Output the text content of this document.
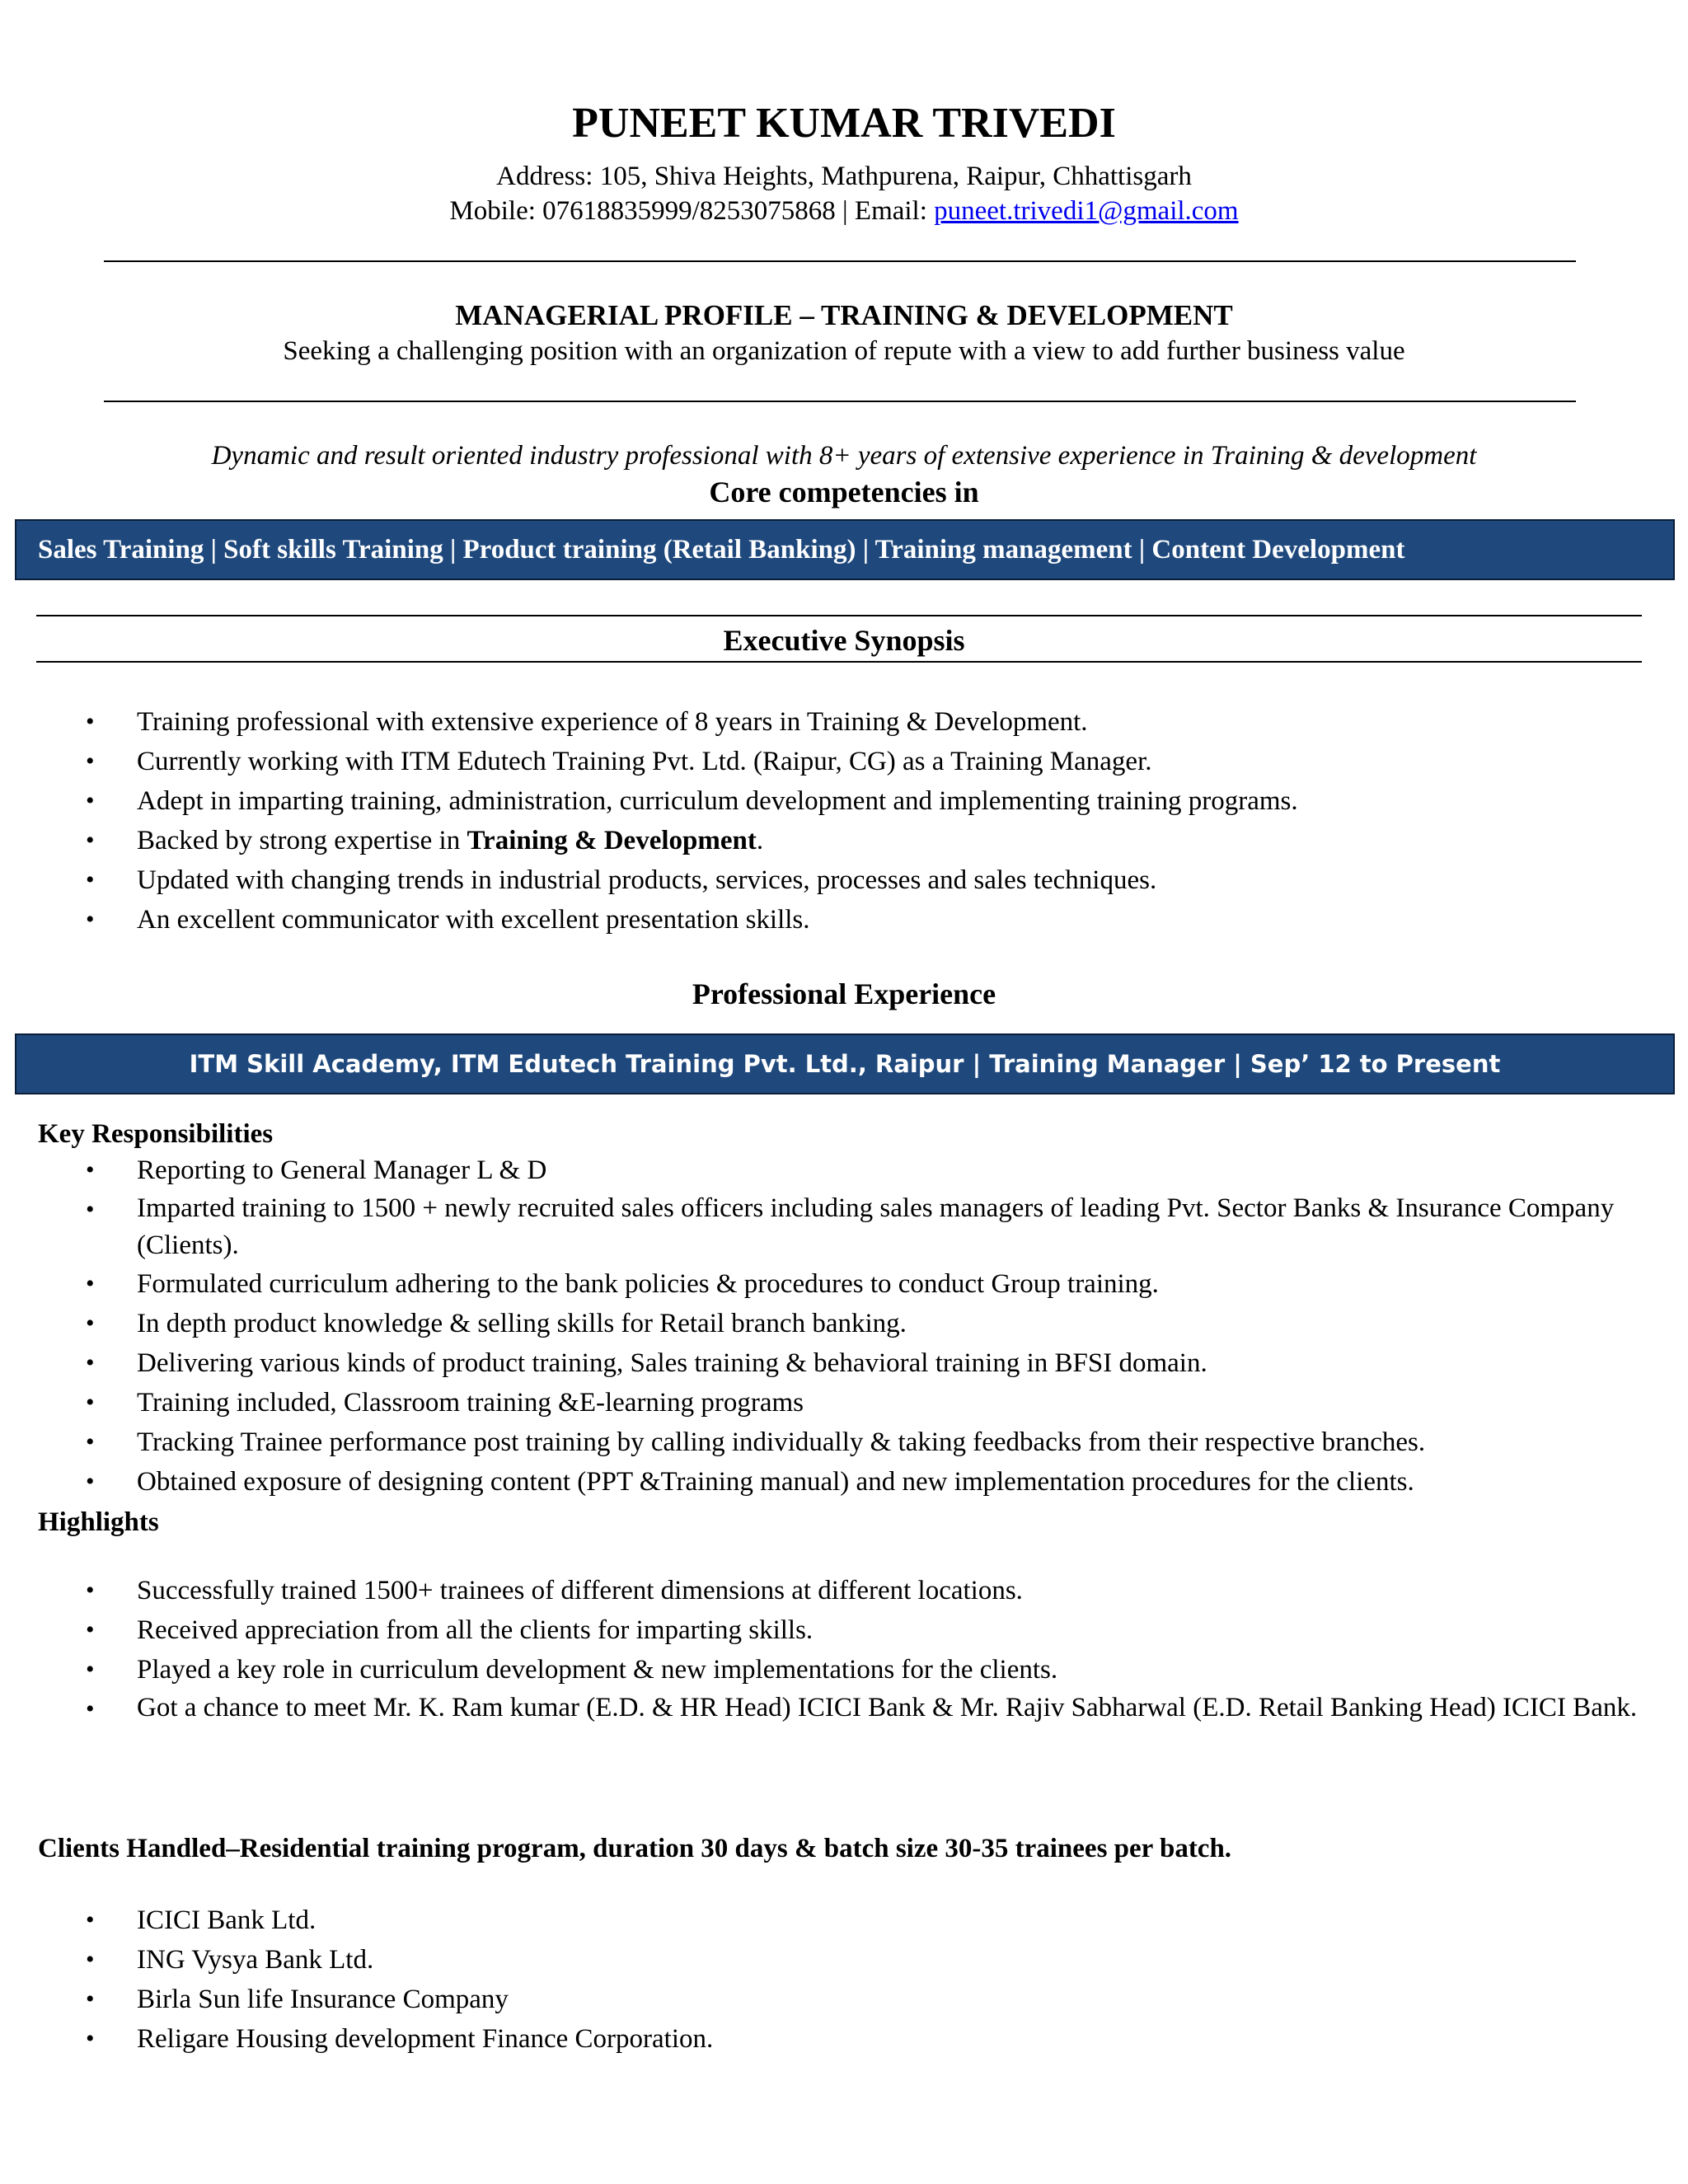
PUNEET KUMAR TRIVEDI
Address: 105, Shiva Heights, Mathpurena, Raipur, Chhattisgarh
Mobile: 07618835999/8253075868 | Email: puneet.trivedi1@gmail.com
MANAGERIAL PROFILE – TRAINING & DEVELOPMENT
Seeking a challenging position with an organization of repute with a view to add further business value
Dynamic and result oriented industry professional with 8+ years of extensive experience in Training & development
Core competencies in
Sales Training | Soft skills Training | Product training (Retail Banking) | Training management | Content Development
Executive Synopsis
•	Training professional with extensive experience of 8 years in Training & Development.
•	Currently working with ITM Edutech Training Pvt. Ltd. (Raipur, CG) as a Training Manager.
•	Adept in imparting training, administration, curriculum development and implementing training programs.
•	Backed by strong expertise in Training & Development.
•	Updated with changing trends in industrial products, services, processes and sales techniques.
•	An excellent communicator with excellent presentation skills.
Professional Experience
ITM Skill Academy, ITM Edutech Training Pvt. Ltd., Raipur | Training Manager | Sep’ 12 to Present
Key Responsibilities
•	Reporting to General Manager L & D
•	Imparted training to 1500 + newly recruited sales officers including sales managers of leading Pvt. Sector Banks & Insurance Company (Clients).
•	Formulated curriculum adhering to the bank policies & procedures to conduct Group training.
•	In depth product knowledge & selling skills for Retail branch banking.
•	Delivering various kinds of product training, Sales training & behavioral training in BFSI domain.
•	Training included, Classroom training &E-learning programs
•	Tracking Trainee performance post training by calling individually & taking feedbacks from their respective branches.
•	Obtained exposure of designing content (PPT &Training manual) and new implementation procedures for the clients.
Highlights
•	Successfully trained 1500+ trainees of different dimensions at different locations.
•	Received appreciation from all the clients for imparting skills.
•	Played a key role in curriculum development & new implementations for the clients.
•	Got a chance to meet Mr. K. Ram kumar (E.D. & HR Head) ICICI Bank & Mr. Rajiv Sabharwal (E.D. Retail Banking Head) ICICI Bank.
Clients Handled–Residential training program, duration 30 days & batch size 30-35 trainees per batch.
•	ICICI Bank Ltd.
•	ING Vysya Bank Ltd.
•	Birla Sun life Insurance Company
•	Religare Housing development Finance Corporation.
